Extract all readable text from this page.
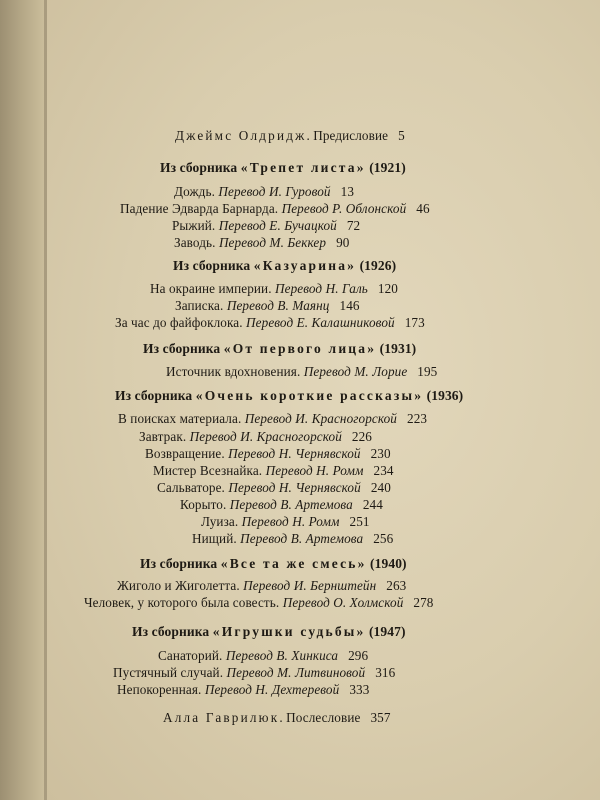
Джеймс Олдридж. Предисловие 5
Из сборника «Трепет листа» (1921)
Дождь. Перевод И. Гуровой 13
Падение Эдварда Барнарда. Перевод Р. Облонской 46
Рыжий. Перевод Е. Бучацкой 72
Заводь. Перевод М. Беккер 90
Из сборника «Казуарина» (1926)
На окраине империи. Перевод Н. Галь 120
Записка. Перевод В. Маянц 146
За час до файфоклока. Перевод Е. Калашниковой 173
Из сборника «От первого лица» (1931)
Источник вдохновения. Перевод М. Лорие 195
Из сборника «Очень короткие рассказы» (1936)
В поисках материала. Перевод И. Красногорской 223
Завтрак. Перевод И. Красногорской 226
Возвращение. Перевод Н. Чернявской 230
Мистер Всезнайка. Перевод Н. Ромм 234
Сальваторе. Перевод Н. Чернявской 240
Корыто. Перевод В. Артемова 244
Луиза. Перевод Н. Ромм 251
Нищий. Перевод В. Артемова 256
Из сборника «Все та же смесь» (1940)
Жиголо и Жиголетта. Перевод И. Бернштейн 263
Человек, у которого была совесть. Перевод О. Холмской 278
Из сборника «Игрушки судьбы» (1947)
Санаторий. Перевод В. Хинкиса 296
Пустячный случай. Перевод М. Литвиновой 316
Непокоренная. Перевод Н. Дехтеревой 333
Алла Гаврилюк. Послесловие 357
